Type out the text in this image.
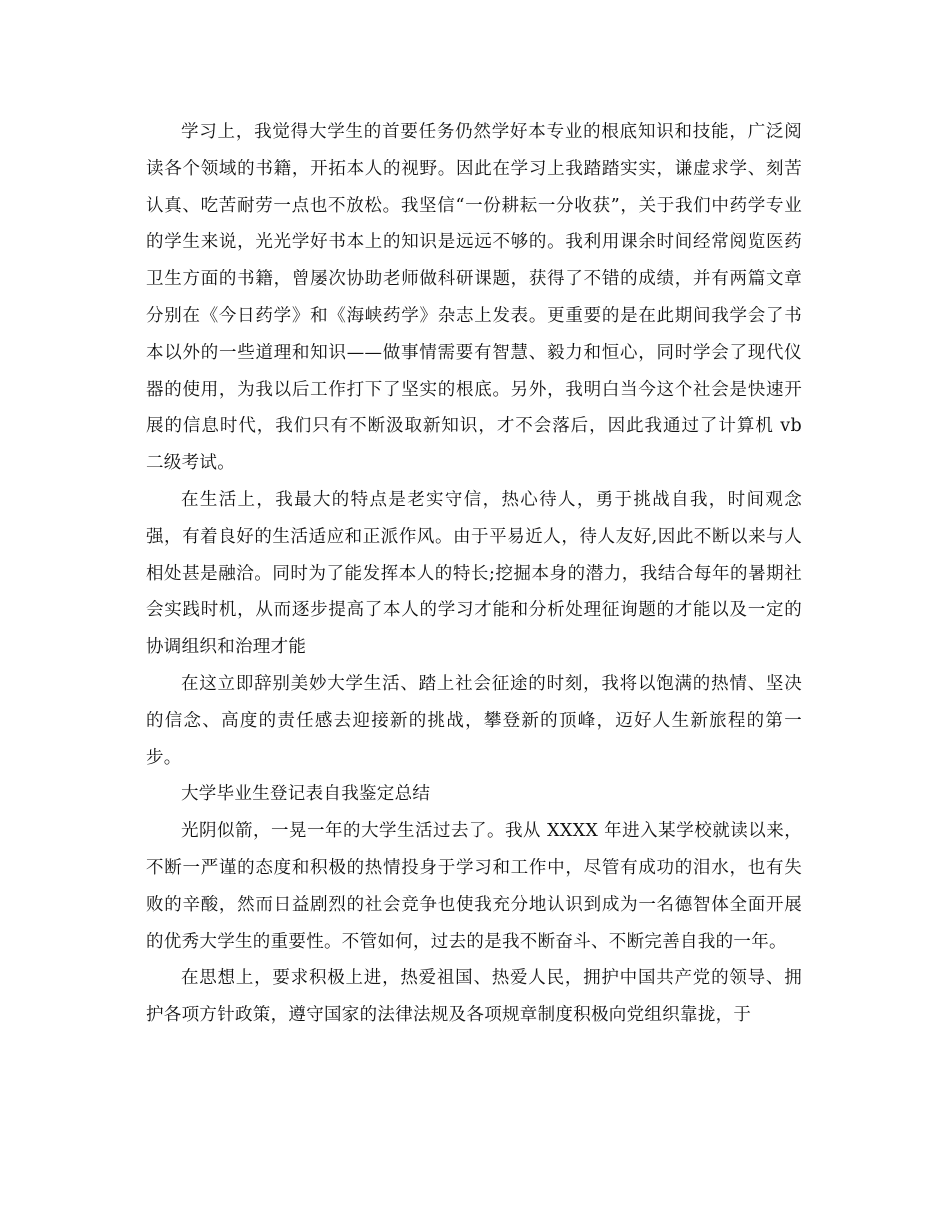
学习上，我觉得大学生的首要任务仍然学好本专业的根底知识和技能，广泛阅读各个领域的书籍，开拓本人的视野。因此在学习上我踏踏实实，谦虚求学、刻苦认真、吃苦耐劳一点也不放松。我坚信“一份耕耘一分收获”，关于我们中药学专业的学生来说，光光学好书本上的知识是远远不够的。我利用课余时间经常阅览医药卫生方面的书籍，曾屡次协助老师做科研课题，获得了不错的成绩，并有两篇文章分别在《今日药学》和《海峡药学》杂志上发表。更重要的是在此期间我学会了书本以外的一些道理和知识——做事情需要有智慧、毅力和恒心，同时学会了现代仪器的使用，为我以后工作打下了坚实的根底。另外，我明白当今这个社会是快速开展的信息时代，我们只有不断汲取新知识，才不会落后，因此我通过了计算机 vb 二级考试。

在生活上，我最大的特点是老实守信，热心待人，勇于挑战自我，时间观念强，有着良好的生活适应和正派作风。由于平易近人，待人友好,因此不断以来与人相处甚是融洽。同时为了能发挥本人的特长;挖掘本身的潜力，我结合每年的暑期社会实践时机，从而逐步提高了本人的学习才能和分析处理征询题的才能以及一定的协调组织和治理才能

在这立即辞别美妙大学生活、踏上社会征途的时刻，我将以饱满的热情、坚决的信念、高度的责任感去迎接新的挑战，攀登新的顶峰，迈好人生新旅程的第一步。

大学毕业生登记表自我鉴定总结

光阴似箭，一晃一年的大学生活过去了。我从 XXXX 年进入某学校就读以来，不断一严谨的态度和积极的热情投身于学习和工作中，尽管有成功的泪水，也有失败的辛酸，然而日益剧烈的社会竞争也使我充分地认识到成为一名德智体全面开展的优秀大学生的重要性。不管如何，过去的是我不断奋斗、不断完善自我的一年。

在思想上，要求积极上进，热爱祖国、热爱人民，拥护中国共产党的领导、拥护各项方针政策，遵守国家的法律法规及各项规章制度积极向党组织靠拢，于
